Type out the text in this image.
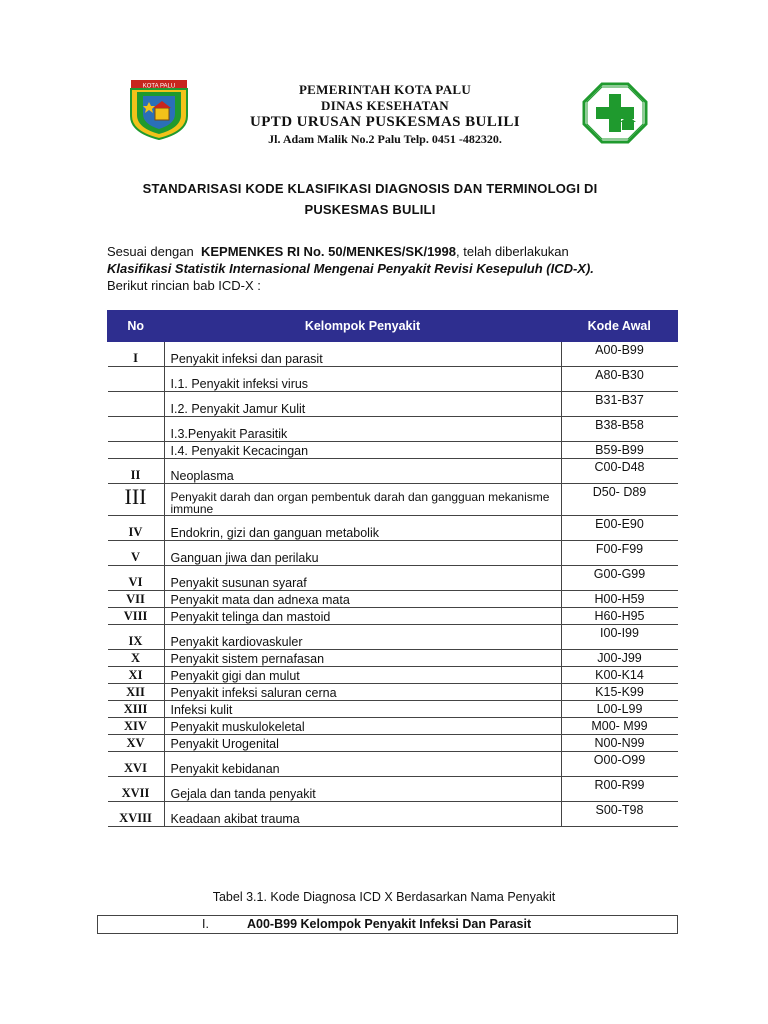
KOTA PALU	PEMERINTAH KOTA PALU
DINAS KESEHATAN
UPTD URUSAN PUSKESMAS BULILI
Jl. Adam Malik No.2 Palu Telp. 0451 -482320.
STANDARISASI KODE KLASIFIKASI DIAGNOSIS DAN TERMINOLOGI DI
PUSKESMAS BULILI
Sesuai dengan KEPMENKES RI No. 50/MENKES/SK/1998, telah diberlakukan
Klasifikasi Statistik Internasional Mengenai Penyakit Revisi Kesepuluh (ICD-X).
Berikut rincian bab ICD-X :
No	Kelompok Penyakit	Kode Awal
I	Penyakit infeksi dan parasit	A00-B99
	I.1. Penyakit infeksi virus	A80-B30
	I.2. Penyakit Jamur Kulit	B31-B37
	I.3.Penyakit Parasitik	B38-B58
	I.4. Penyakit Kecacingan	B59-B99
II	Neoplasma	C00-D48
III	Penyakit darah dan organ pembentuk darah dan gangguan mekanisme immune	D50- D89
IV	Endokrin, gizi dan ganguan metabolik	E00-E90
V	Ganguan jiwa dan perilaku	F00-F99
VI	Penyakit susunan syaraf	G00-G99
VII	Penyakit mata dan adnexa mata	H00-H59
VIII	Penyakit telinga dan mastoid	H60-H95
IX	Penyakit kardiovaskuler	I00-I99
X	Penyakit sistem pernafasan	J00-J99
XI	Penyakit gigi dan mulut	K00-K14
XII	Penyakit infeksi saluran cerna	K15-K99
XIII	Infeksi kulit	L00-L99
XIV	Penyakit muskulokeletal	M00- M99
XV	Penyakit Urogenital	N00-N99
XVI	Penyakit kebidanan	O00-O99
XVII	Gejala dan tanda penyakit	R00-R99
XVIII	Keadaan akibat trauma	S00-T98
Tabel 3.1. Kode Diagnosa ICD X Berdasarkan Nama Penyakit
I.	A00-B99 Kelompok Penyakit Infeksi Dan Parasit
